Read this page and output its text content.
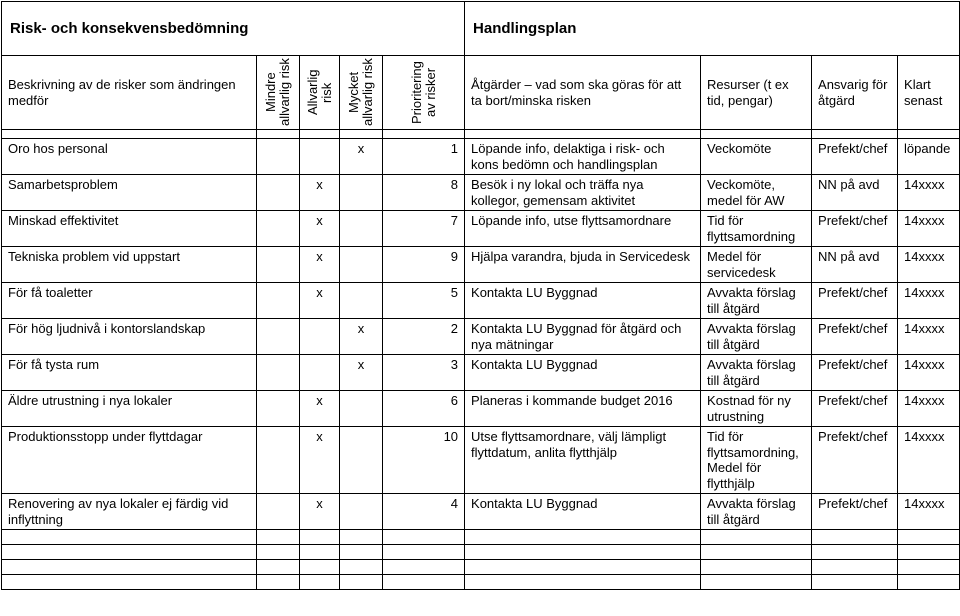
Risk- och konsekvensbedömning					Handlingsplan			
Beskrivning av de risker som ändringen medför	Mindre allvarlig risk	Allvarlig risk	Mycket allvarlig risk	Prioritering av risker	Åtgärder – vad som ska göras för att ta bort/minska risken	Resurser (t ex tid, pengar)	Ansvarig för åtgärd	Klart senast

Oro hos personal			x	1	Löpande info, delaktiga i risk- och kons bedömn och handlingsplan	Veckomöte	Prefekt/chef	löpande
Samarbetsproblem		x		8	Besök i ny lokal och träffa nya kollegor, gemensam aktivitet	Veckomöte, medel för AW	NN på avd	14xxxx
Minskad effektivitet		x		7	Löpande info, utse flyttsamordnare	Tid för flyttsamordning	Prefekt/chef	14xxxx
Tekniska problem vid uppstart		x		9	Hjälpa varandra, bjuda in Servicedesk	Medel för servicedesk	NN på avd	14xxxx
För få toaletter		x		5	Kontakta LU Byggnad	Avvakta förslag till åtgärd	Prefekt/chef	14xxxx
För hög ljudnivå i kontorslandskap			x	2	Kontakta LU Byggnad för åtgärd och nya mätningar	Avvakta förslag till åtgärd	Prefekt/chef	14xxxx
För få tysta rum			x	3	Kontakta LU Byggnad	Avvakta förslag till åtgärd	Prefekt/chef	14xxxx
Äldre utrustning i nya lokaler		x		6	Planeras i kommande budget 2016	Kostnad för ny utrustning	Prefekt/chef	14xxxx
Produktionsstopp under flyttdagar		x		10	Utse flyttsamordnare, välj lämpligt flyttdatum, anlita flytthjälp	Tid för flyttsamordning, Medel för flytthjälp	Prefekt/chef	14xxxx
Renovering av nya lokaler ej färdig vid inflyttning		x		4	Kontakta LU Byggnad	Avvakta förslag till åtgärd	Prefekt/chef	14xxxx
